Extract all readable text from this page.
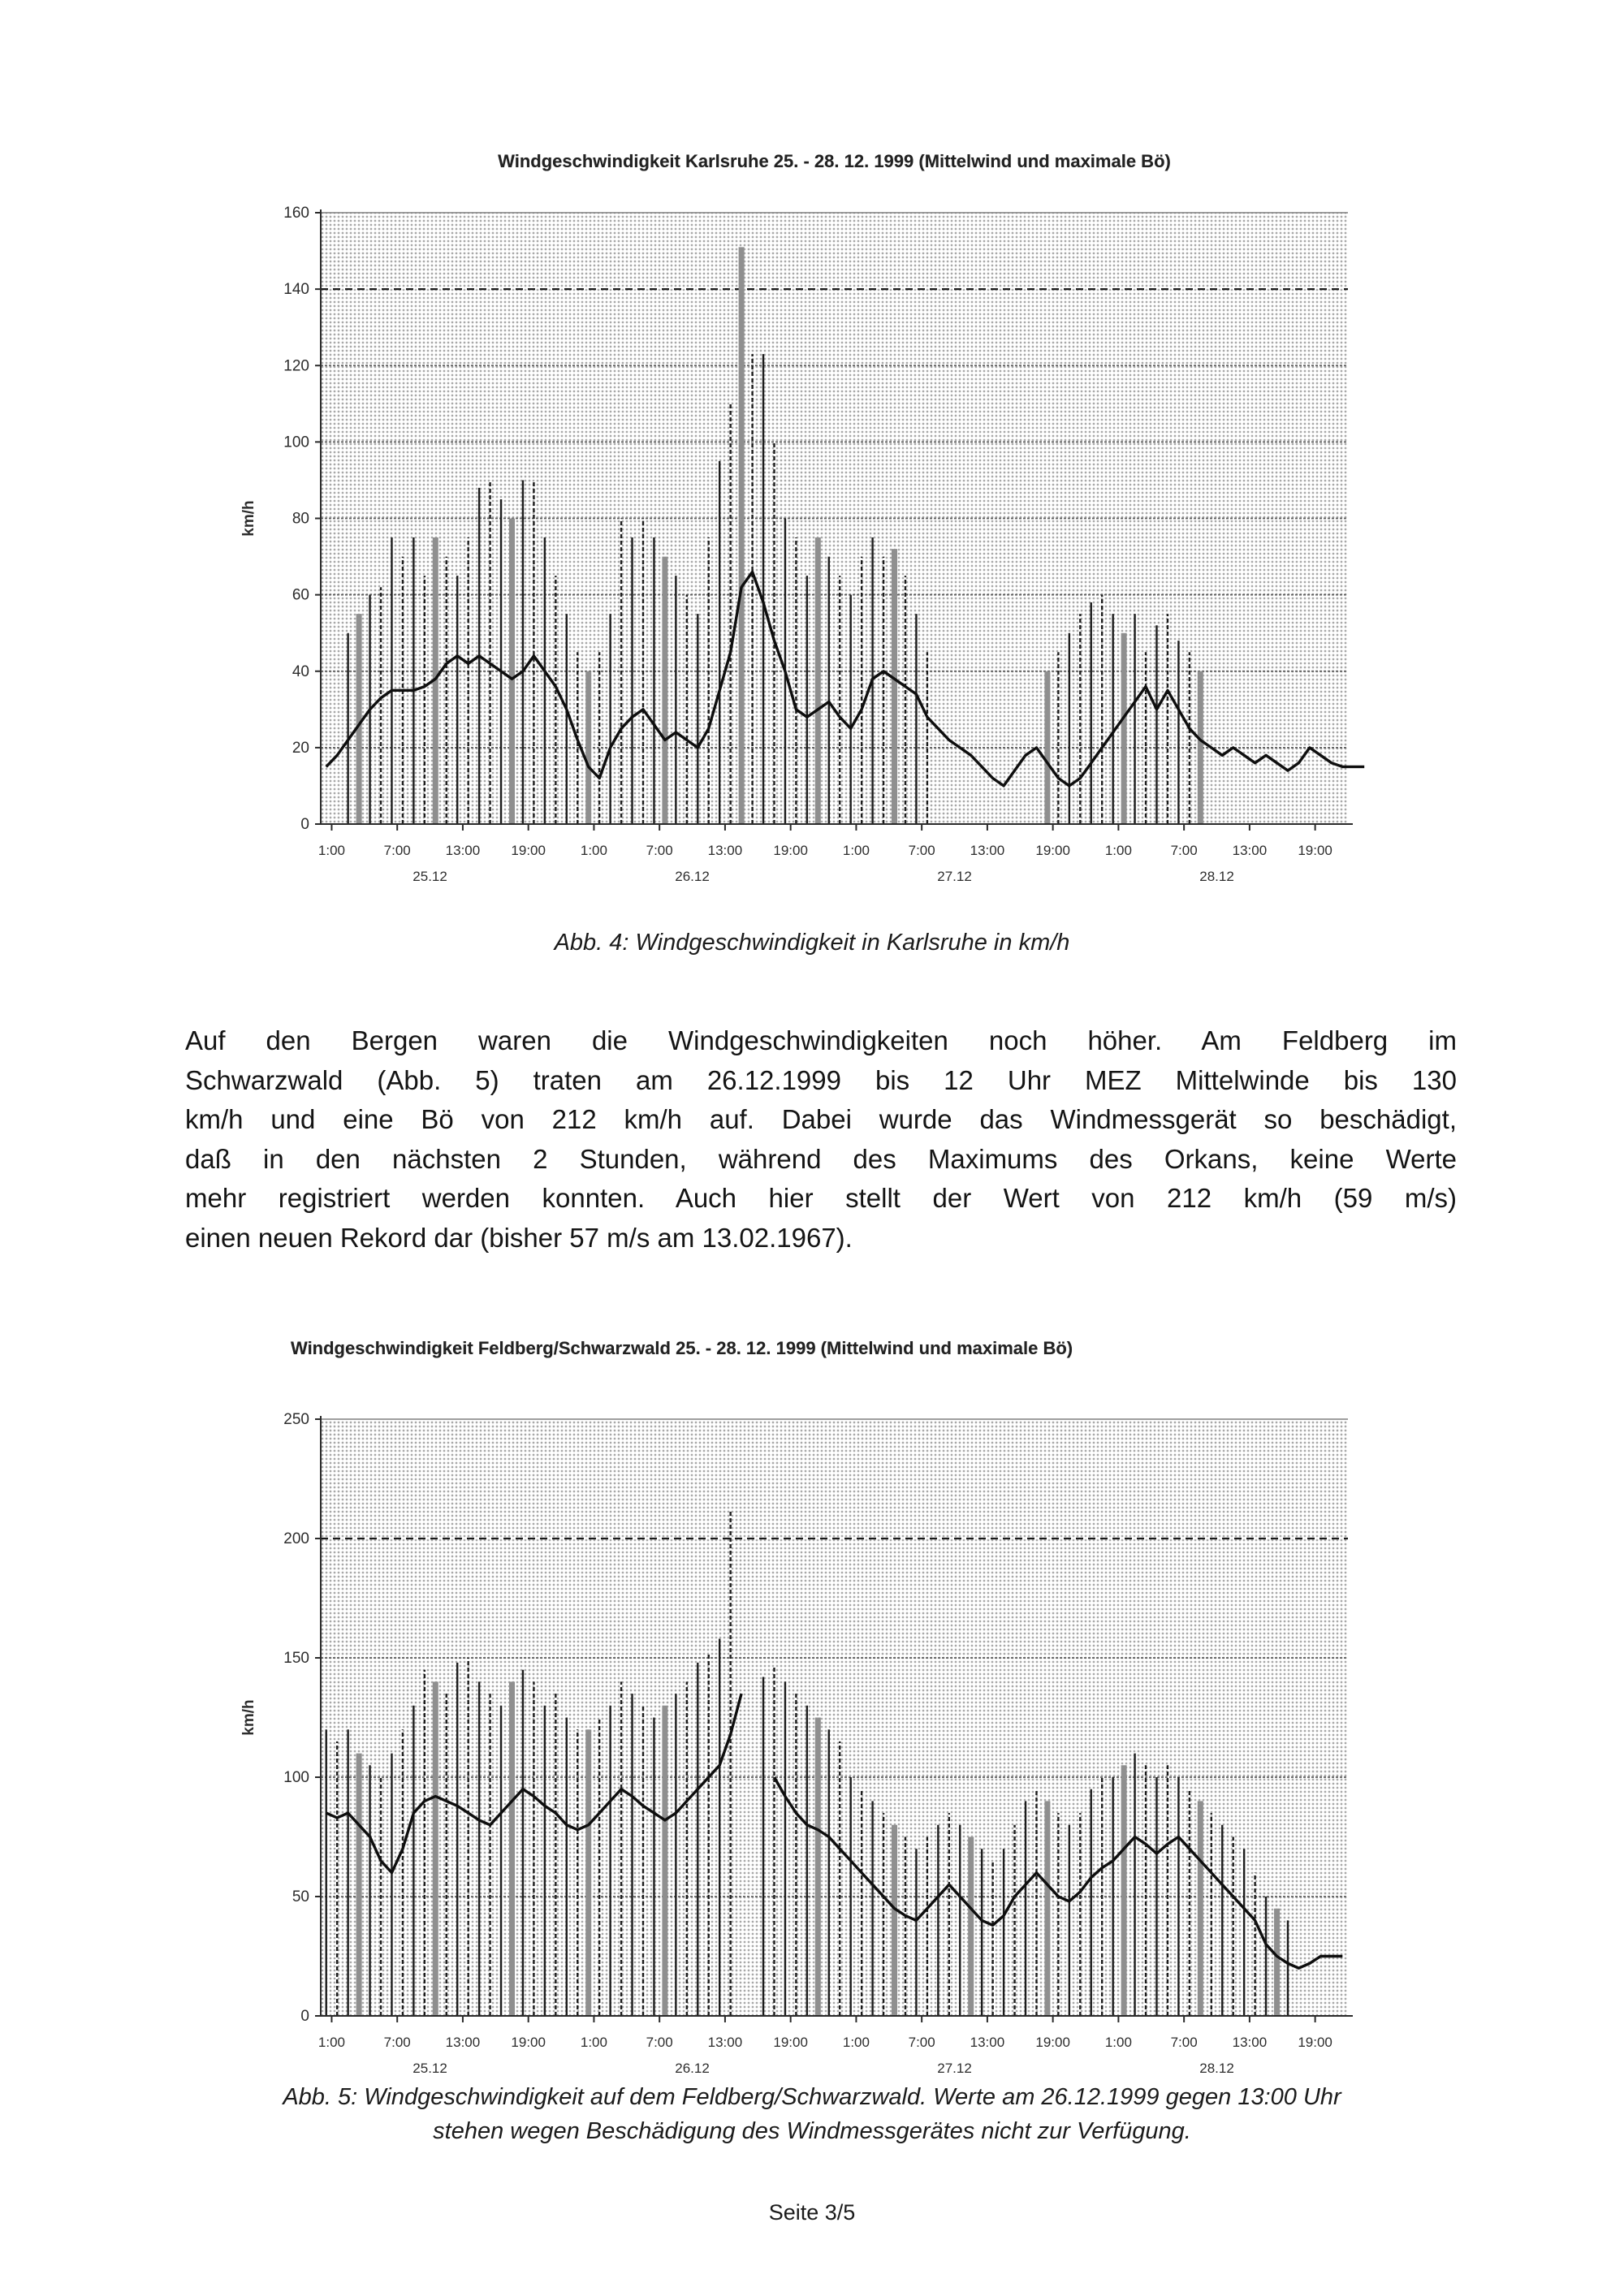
Windgeschwindigkeit Karlsruhe 25. - 28. 12. 1999 (Mittelwind und maximale Bö)
0
20
40
60
80
100
120
140
160
1:00	7:00	13:00 19:00	1:00	7:00	13:00 19:00	1:00	7:00	13:00 19:00	1:00	7:00	13:00 19:00
25.12	26.12	27.12	28.12
km/h
Abb. 4: Windgeschwindigkeit in Karlsruhe in km/h
Auf den Bergen waren die Windgeschwindigkeiten noch höher. Am Feldberg im
Schwarzwald (Abb. 5) traten am 26.12.1999 bis 12 Uhr MEZ Mittelwinde bis 130
km/h und eine Bö von 212 km/h auf. Dabei wurde das Windmessgerät so beschädigt,
daß in den nächsten 2 Stunden, während des Maximums des Orkans, keine Werte
mehr registriert werden konnten. Auch hier stellt der Wert von 212 km/h (59 m/s)
einen neuen Rekord dar (bisher 57 m/s am 13.02.1967).
Windgeschwindigkeit Feldberg/Schwarzwald 25. - 28. 12. 1999 (Mittelwind und maximale Bö)
0
50
100
150
200
250
1:00	7:00	13:00 19:00	1:00	7:00	13:00 19:00	1:00	7:00	13:00 19:00	1:00	7:00	13:00 19:00
25.12	26.12	27.12	28.12
km/h
Abb. 5: Windgeschwindigkeit auf dem Feldberg/Schwarzwald. Werte am 26.12.1999 gegen 13:00 Uhr
stehen wegen Beschädigung des Windmessgerätes nicht zur Verfügung.
Seite 3/5
